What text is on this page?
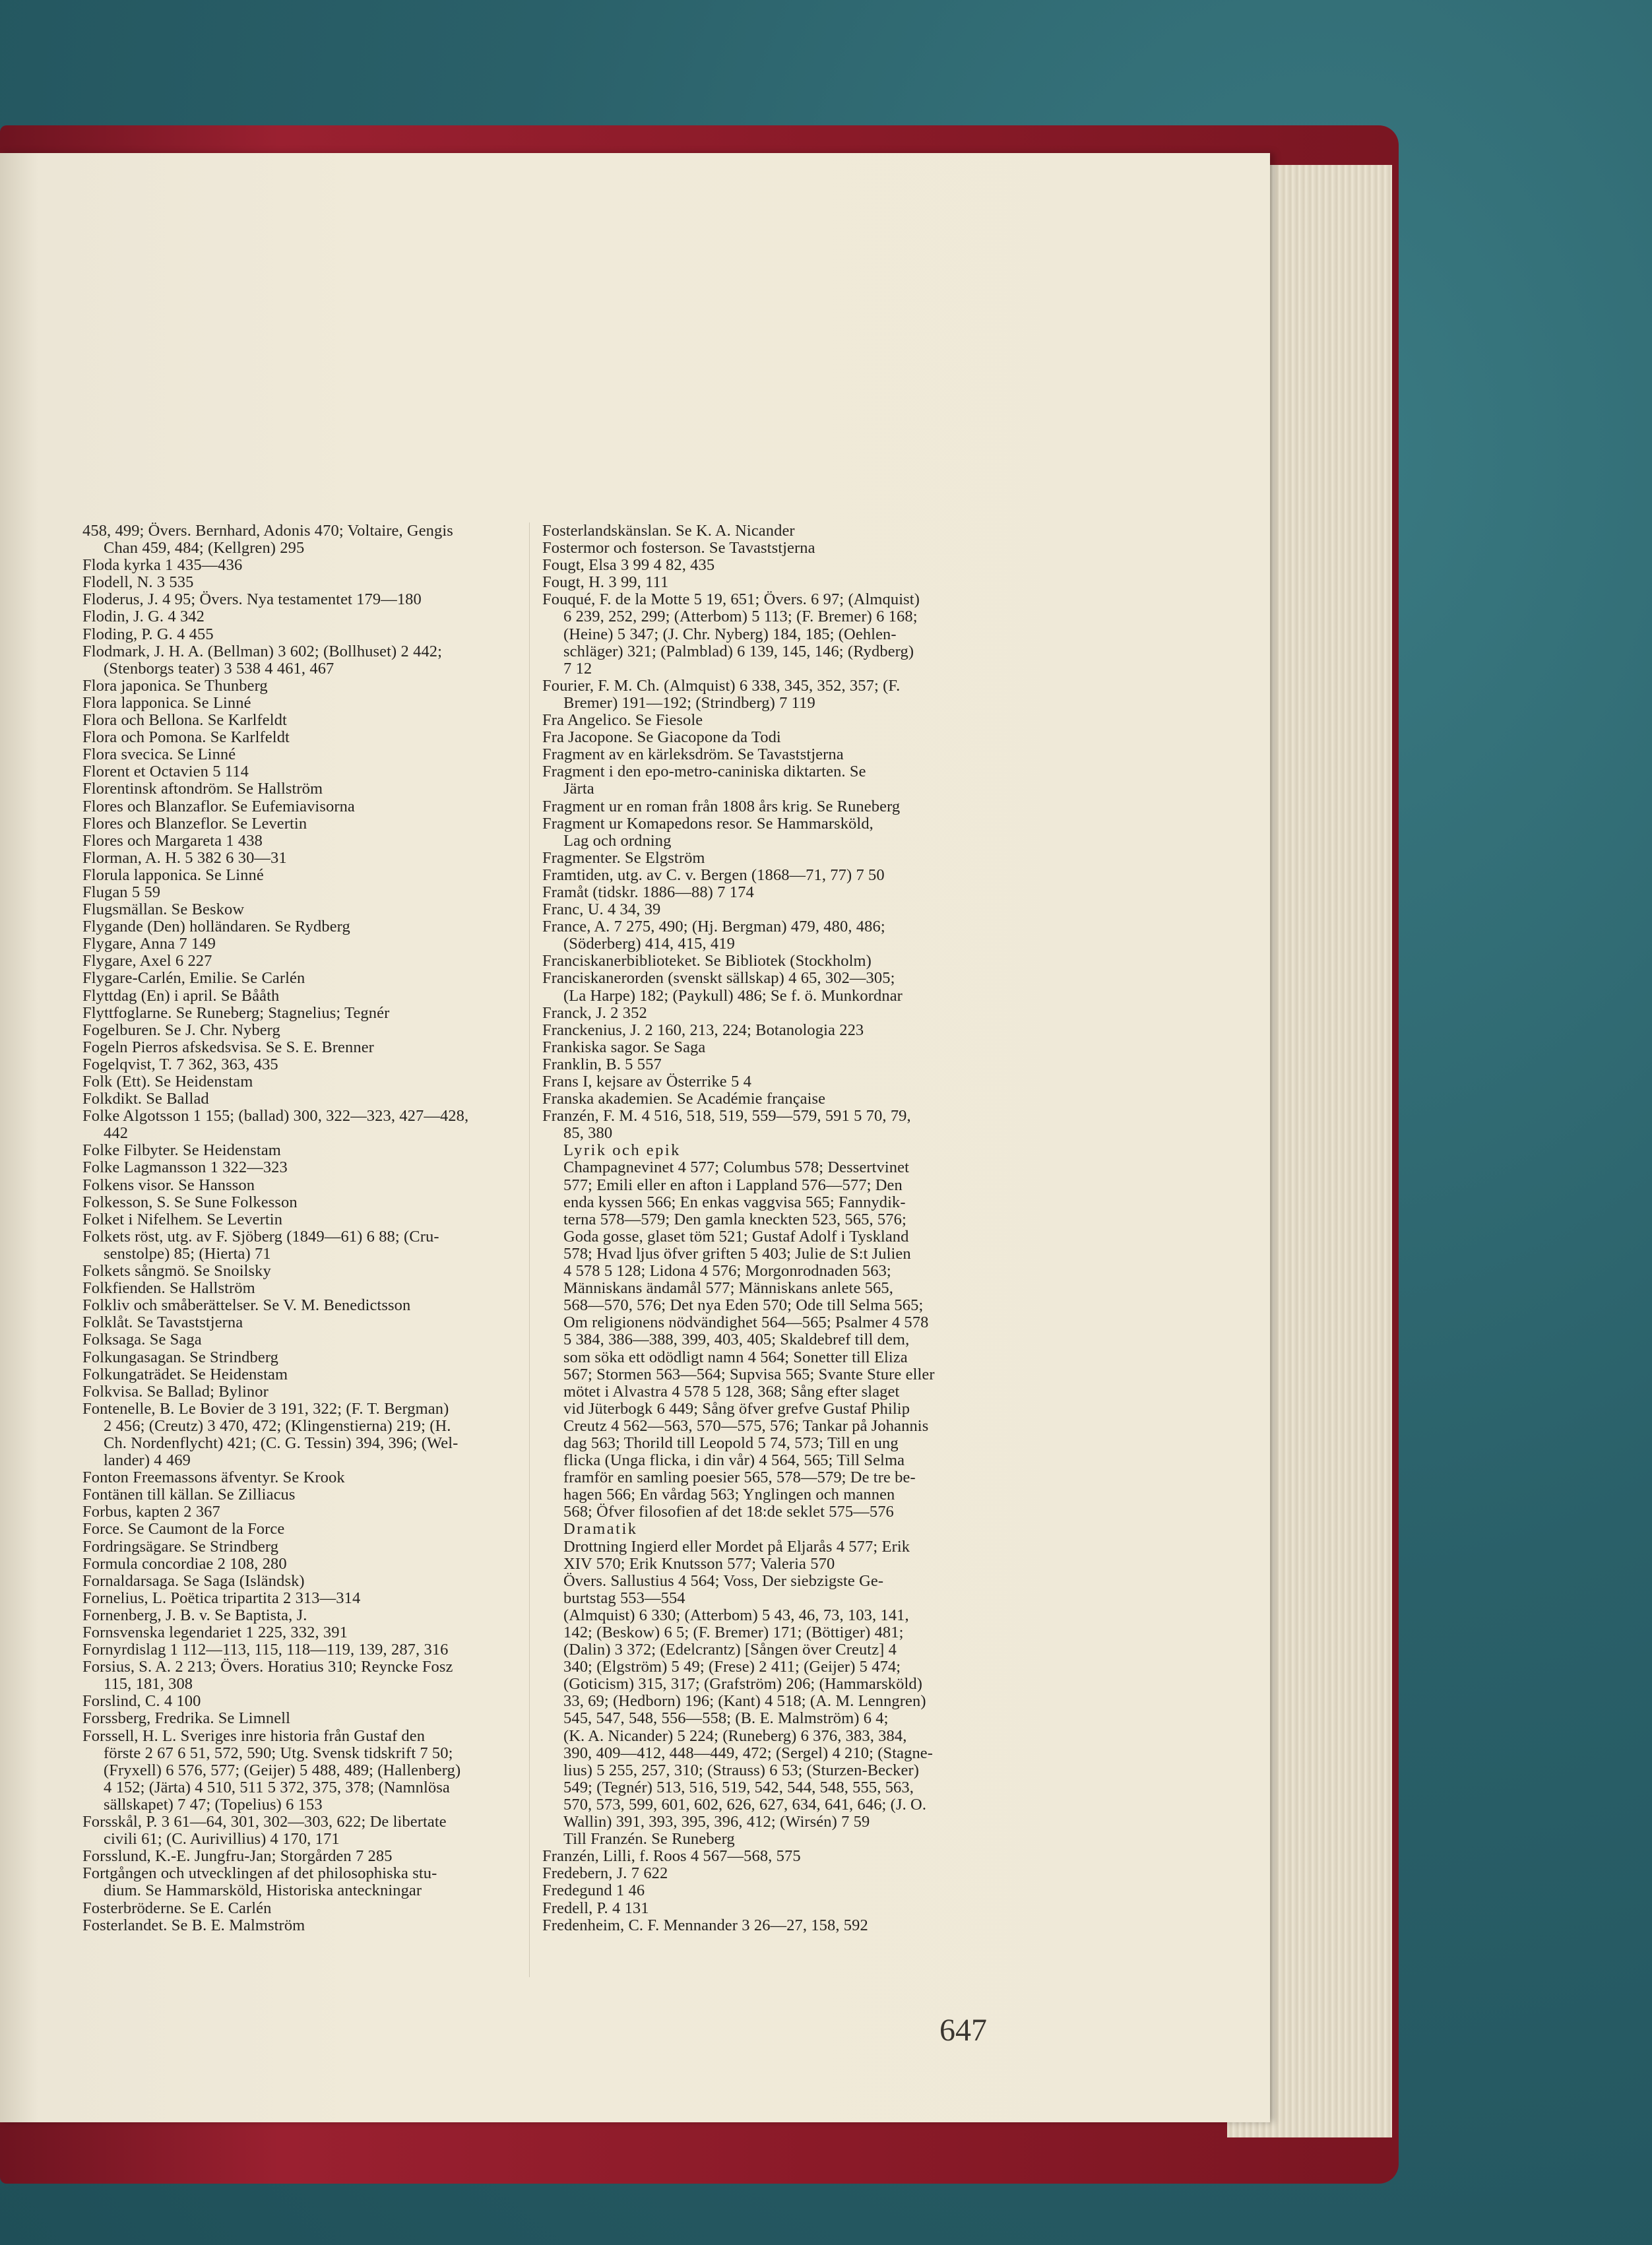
458, 499; Övers. Bernhard, Adonis 470; Voltaire, Gengis
Chan 459, 484; (Kellgren) 295
Floda kyrka 1 435—436
Flodell, N. 3 535
Floderus, J. 4 95; Övers. Nya testamentet 179—180
Flodin, J. G. 4 342
Floding, P. G. 4 455
Flodmark, J. H. A. (Bellman) 3 602; (Bollhuset) 2 442;
(Stenborgs teater) 3 538 4 461, 467
Flora japonica. Se Thunberg
Flora lapponica. Se Linné
Flora och Bellona. Se Karlfeldt
Flora och Pomona. Se Karlfeldt
Flora svecica. Se Linné
Florent et Octavien 5 114
Florentinsk aftondröm. Se Hallström
Flores och Blanzaflor. Se Eufemiavisorna
Flores och Blanzeflor. Se Levertin
Flores och Margareta 1 438
Florman, A. H. 5 382 6 30—31
Florula lapponica. Se Linné
Flugan 5 59
Flugsmällan. Se Beskow
Flygande (Den) holländaren. Se Rydberg
Flygare, Anna 7 149
Flygare, Axel 6 227
Flygare-Carlén, Emilie. Se Carlén
Flyttdag (En) i april. Se Bååth
Flyttfoglarne. Se Runeberg; Stagnelius; Tegnér
Fogelburen. Se J. Chr. Nyberg
Fogeln Pierros afskedsvisa. Se S. E. Brenner
Fogelqvist, T. 7 362, 363, 435
Folk (Ett). Se Heidenstam
Folkdikt. Se Ballad
Folke Algotsson 1 155; (ballad) 300, 322—323, 427—428,
442
Folke Filbyter. Se Heidenstam
Folke Lagmansson 1 322—323
Folkens visor. Se Hansson
Folkesson, S. Se Sune Folkesson
Folket i Nifelhem. Se Levertin
Folkets röst, utg. av F. Sjöberg (1849—61) 6 88; (Cru-
senstolpe) 85; (Hierta) 71
Folkets sångmö. Se Snoilsky
Folkfienden. Se Hallström
Folkliv och småberättelser. Se V. M. Benedictsson
Folklåt. Se Tavaststjerna
Folksaga. Se Saga
Folkungasagan. Se Strindberg
Folkungaträdet. Se Heidenstam
Folkvisa. Se Ballad; Bylinor
Fontenelle, B. Le Bovier de 3 191, 322; (F. T. Bergman)
2 456; (Creutz) 3 470, 472; (Klingenstierna) 219; (H.
Ch. Nordenflycht) 421; (C. G. Tessin) 394, 396; (Wel-
lander) 4 469
Fonton Freemassons äfventyr. Se Krook
Fontänen till källan. Se Zilliacus
Forbus, kapten 2 367
Force. Se Caumont de la Force
Fordringsägare. Se Strindberg
Formula concordiae 2 108, 280
Fornaldarsaga. Se Saga (Isländsk)
Fornelius, L. Poëtica tripartita 2 313—314
Fornenberg, J. B. v. Se Baptista, J.
Fornsvenska legendariet 1 225, 332, 391
Fornyrdislag 1 112—113, 115, 118—119, 139, 287, 316
Forsius, S. A. 2 213; Övers. Horatius 310; Reyncke Fosz
115, 181, 308
Forslind, C. 4 100
Forssberg, Fredrika. Se Limnell
Forssell, H. L. Sveriges inre historia från Gustaf den
förste 2 67 6 51, 572, 590; Utg. Svensk tidskrift 7 50;
(Fryxell) 6 576, 577; (Geijer) 5 488, 489; (Hallenberg)
4 152; (Järta) 4 510, 511 5 372, 375, 378; (Namnlösa
sällskapet) 7 47; (Topelius) 6 153
Forsskål, P. 3 61—64, 301, 302—303, 622; De libertate
civili 61; (C. Aurivillius) 4 170, 171
Forsslund, K.-E. Jungfru-Jan; Storgården 7 285
Fortgången och utvecklingen af det philosophiska stu-
dium. Se Hammarsköld, Historiska anteckningar
Fosterbröderne. Se E. Carlén
Fosterlandet. Se B. E. Malmström
Fosterlandskänslan. Se K. A. Nicander
Fostermor och fosterson. Se Tavaststjerna
Fougt, Elsa 3 99 4 82, 435
Fougt, H. 3 99, 111
Fouqué, F. de la Motte 5 19, 651; Övers. 6 97; (Almquist)
6 239, 252, 299; (Atterbom) 5 113; (F. Bremer) 6 168;
(Heine) 5 347; (J. Chr. Nyberg) 184, 185; (Oehlen-
schläger) 321; (Palmblad) 6 139, 145, 146; (Rydberg)
7 12
Fourier, F. M. Ch. (Almquist) 6 338, 345, 352, 357; (F.
Bremer) 191—192; (Strindberg) 7 119
Fra Angelico. Se Fiesole
Fra Jacopone. Se Giacopone da Todi
Fragment av en kärleksdröm. Se Tavaststjerna
Fragment i den epo-metro-caniniska diktarten. Se
Järta
Fragment ur en roman från 1808 års krig. Se Runeberg
Fragment ur Komapedons resor. Se Hammarsköld,
Lag och ordning
Fragmenter. Se Elgström
Framtiden, utg. av C. v. Bergen (1868—71, 77) 7 50
Framåt (tidskr. 1886—88) 7 174
Franc, U. 4 34, 39
France, A. 7 275, 490; (Hj. Bergman) 479, 480, 486;
(Söderberg) 414, 415, 419
Franciskanerbiblioteket. Se Bibliotek (Stockholm)
Franciskanerorden (svenskt sällskap) 4 65, 302—305;
(La Harpe) 182; (Paykull) 486; Se f. ö. Munkordnar
Franck, J. 2 352
Franckenius, J. 2 160, 213, 224; Botanologia 223
Frankiska sagor. Se Saga
Franklin, B. 5 557
Frans I, kejsare av Österrike 5 4
Franska akademien. Se Académie française
Franzén, F. M. 4 516, 518, 519, 559—579, 591 5 70, 79,
85, 380
Lyrik och epik
Champagnevinet 4 577; Columbus 578; Dessertvinet
577; Emili eller en afton i Lappland 576—577; Den
enda kyssen 566; En enkas vaggvisa 565; Fannydik-
terna 578—579; Den gamla kneckten 523, 565, 576;
Goda gosse, glaset töm 521; Gustaf Adolf i Tyskland
578; Hvad ljus öfver griften 5 403; Julie de S:t Julien
4 578 5 128; Lidona 4 576; Morgonrodnaden 563;
Människans ändamål 577; Människans anlete 565,
568—570, 576; Det nya Eden 570; Ode till Selma 565;
Om religionens nödvändighet 564—565; Psalmer 4 578
5 384, 386—388, 399, 403, 405; Skaldebref till dem,
som söka ett odödligt namn 4 564; Sonetter till Eliza
567; Stormen 563—564; Supvisa 565; Svante Sture eller
mötet i Alvastra 4 578 5 128, 368; Sång efter slaget
vid Jüterbogk 6 449; Sång öfver grefve Gustaf Philip
Creutz 4 562—563, 570—575, 576; Tankar på Johannis
dag 563; Thorild till Leopold 5 74, 573; Till en ung
flicka (Unga flicka, i din vår) 4 564, 565; Till Selma
framför en samling poesier 565, 578—579; De tre be-
hagen 566; En vårdag 563; Ynglingen och mannen
568; Öfver filosofien af det 18:de seklet 575—576
Dramatik
Drottning Ingierd eller Mordet på Eljarås 4 577; Erik
XIV 570; Erik Knutsson 577; Valeria 570
Övers. Sallustius 4 564; Voss, Der siebzigste Ge-
burtstag 553—554
(Almquist) 6 330; (Atterbom) 5 43, 46, 73, 103, 141,
142; (Beskow) 6 5; (F. Bremer) 171; (Böttiger) 481;
(Dalin) 3 372; (Edelcrantz) [Sången över Creutz] 4
340; (Elgström) 5 49; (Frese) 2 411; (Geijer) 5 474;
(Goticism) 315, 317; (Grafström) 206; (Hammarsköld)
33, 69; (Hedborn) 196; (Kant) 4 518; (A. M. Lenngren)
545, 547, 548, 556—558; (B. E. Malmström) 6 4;
(K. A. Nicander) 5 224; (Runeberg) 6 376, 383, 384,
390, 409—412, 448—449, 472; (Sergel) 4 210; (Stagne-
lius) 5 255, 257, 310; (Strauss) 6 53; (Sturzen-Becker)
549; (Tegnér) 513, 516, 519, 542, 544, 548, 555, 563,
570, 573, 599, 601, 602, 626, 627, 634, 641, 646; (J. O.
Wallin) 391, 393, 395, 396, 412; (Wirsén) 7 59
Till Franzén. Se Runeberg
Franzén, Lilli, f. Roos 4 567—568, 575
Fredebern, J. 7 622
Fredegund 1 46
Fredell, P. 4 131
Fredenheim, C. F. Mennander 3 26—27, 158, 592
647
